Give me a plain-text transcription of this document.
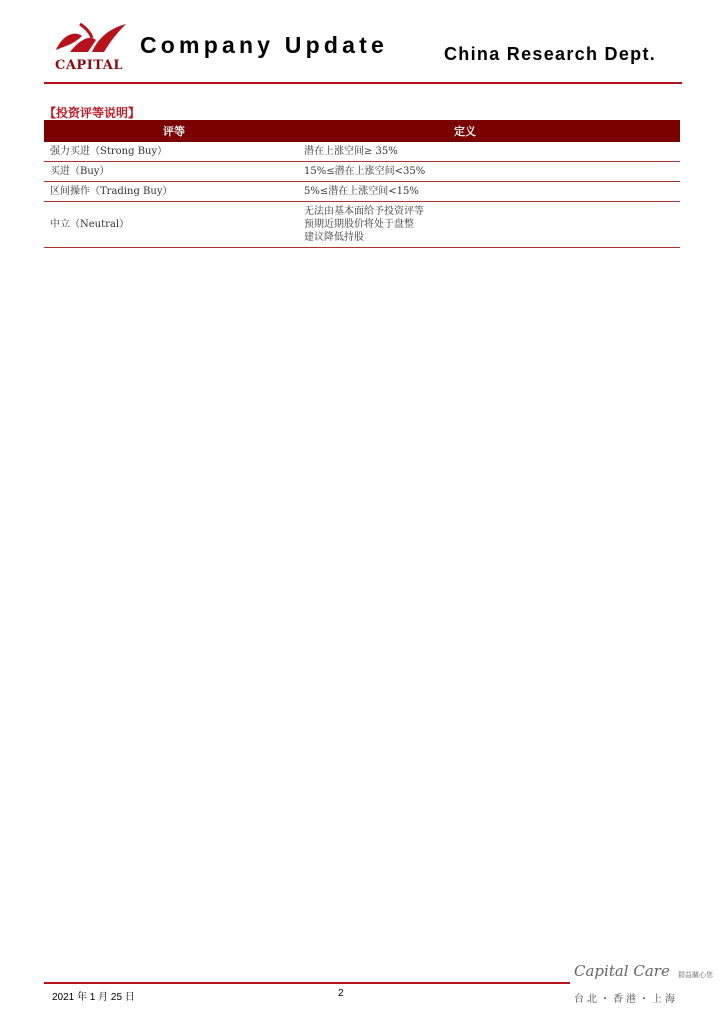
CAPITAL
Company Update	China Research Dept.
【投资评等说明】
评等	定义
强力买进（Strong Buy）	潜在上涨空间≥ 35%

买进（Buy）	15%≤潜在上涨空间<35%

区间操作（Trading Buy）	5%≤潜在上涨空间<15%

中立（Neutral）	无法由基本面给予投资评等
预期近期股价将处于盘整
建议降低持股
2021 年 1 月 25 日	2
Capital Care 群益關心您
台北・香港・上海
